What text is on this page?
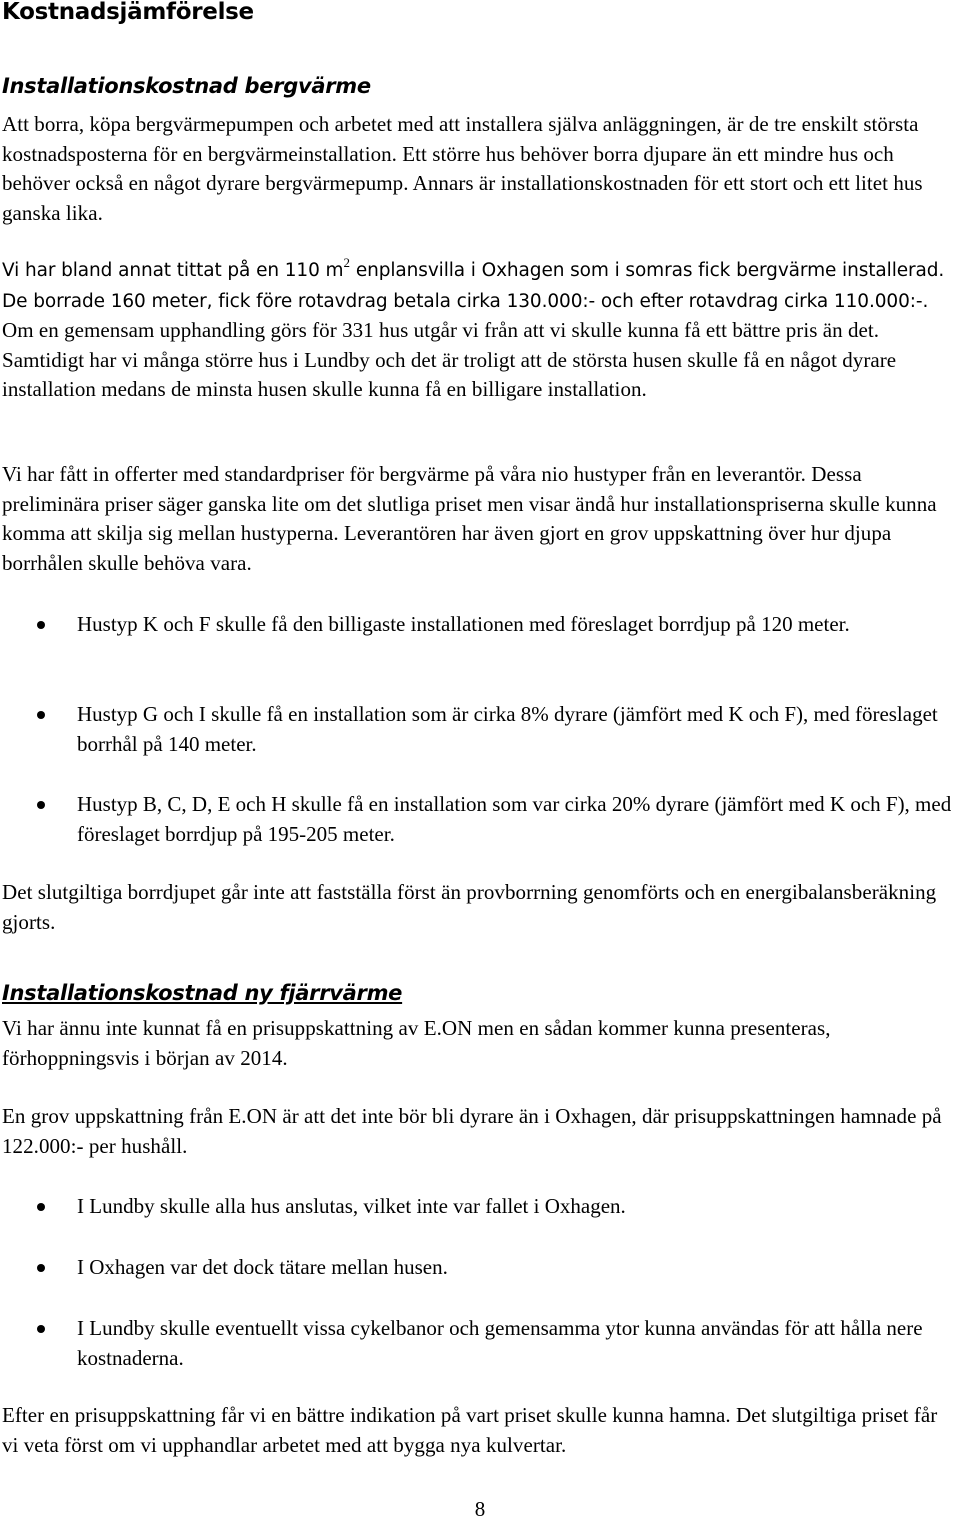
Kostnadsjämförelse
Installationskostnad bergvärme

Att borra, köpa bergvärmepumpen och arbetet med att installera själva anläggningen, är de tre enskilt största kostnadsposterna för en bergvärmeinstallation. Ett större hus behöver borra djupare än ett mindre hus och behöver också en något dyrare bergvärmepump. Annars är installationskostnaden för ett stort och ett litet hus ganska lika.

Vi har bland annat tittat på en 110 $m^2$ enplansvilla i Oxhagen som i somras fick bergvärme installerad. De borrade 160 meter, fick före rotavdrag betala cirka 130.000:- och efter rotavdrag cirka 110.000:-. Om en gemensam upphandling görs för 331 hus utgår vi från att vi skulle kunna få ett bättre pris än det. Samtidigt har vi många större hus i Lundby och det är troligt att de största husen skulle få en något dyrare installation medans de minsta husen skulle kunna få en billigare installation.

Vi har fått in offerter med standardpriser för bergvärme på våra nio hustyper från en leverantör. Dessa preliminära priser säger ganska lite om det slutliga priset men visar ändå hur installationspriserna skulle kunna komma att skilja sig mellan hustyperna. Leverantören har även gjort en grov uppskattning över hur djupa borrhålen skulle behöva vara.

Hustyp K och F skulle få den billigaste installationen med föreslaget borrdjup på 120 meter.
Hustyp G och I skulle få en installation som är cirka 8% dyrare (jämfört med K och F), med föreslaget borrhål på 140 meter.
Hustyp B, C, D, E och H skulle få en installation som var cirka 20% dyrare (jämfört med K och F), med föreslaget borrdjup på 195-205 meter.

Det slutgiltiga borrdjupet går inte att fastställa först än provborrning genomförts och en energibalansberäkning gjorts.

Installationskostnad ny fjärrvärme

Vi har ännu inte kunnat få en prisuppskattning av E.ON men en sådan kommer kunna presenteras, förhoppningsvis i början av 2014.

En grov uppskattning från E.ON är att det inte bör bli dyrare än i Oxhagen, där prisuppskattningen hamnade på 122.000:- per hushåll.

I Lundby skulle alla hus anslutas, vilket inte var fallet i Oxhagen.
I Oxhagen var det dock tätare mellan husen.
I Lundby skulle eventuellt vissa cykelbanor och gemensamma ytor kunna användas för att hålla nere kostnaderna.

Efter en prisuppskattning får vi en bättre indikation på vart priset skulle kunna hamna. Det slutgiltiga priset får vi veta först om vi upphandlar arbetet med att bygga nya kulvertar.

8
